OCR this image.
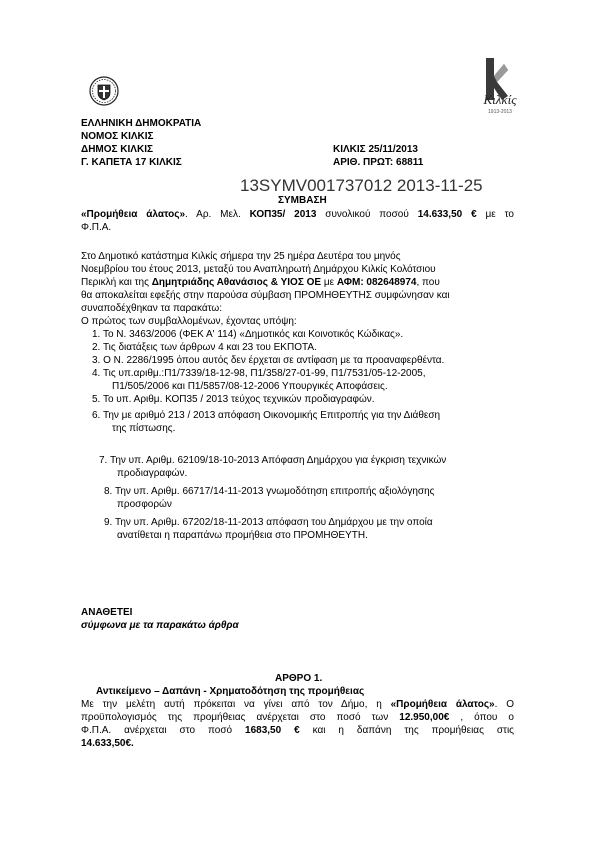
Κιλκίς
1913-2013
ΕΛΛΗΝΙΚΗ ΔΗΜΟΚΡΑΤΙΑ
ΝΟΜΟΣ ΚΙΛΚΙΣ
ΔΗΜΟΣ ΚΙΛΚΙΣ
Γ. ΚΑΠΕΤΑ 17 ΚΙΛΚΙΣ
ΚΙΛΚΙΣ 25/11/2013
ΑΡΙΘ. ΠΡΩΤ: 68811
13SYMV001737012 2013-11-25
ΣΥΜΒΑΣΗ
«Προμήθεια άλατος». Αρ. Μελ. ΚΟΠ35/ 2013 συνολικού ποσού 14.633,50 € με το
Φ.Π.Α.
Στο Δημοτικό κατάστημα Κιλκίς σήμερα την 25 ημέρα Δευτέρα του μηνός
Νοεμβρίου του έτους 2013, μεταξύ του Αναπληρωτή Δημάρχου Κιλκίς Κολότσιου
Περικλή και της Δημητριάδης Αθανάσιος & ΥΙΟΣ ΟΕ με ΑΦΜ: 082648974, που
θα αποκαλείται εφεξής στην παρούσα σύμβαση ΠΡΟΜΗΘΕΥΤΗΣ συμφώνησαν και
συναποδέχθηκαν τα παρακάτω:
Ο πρώτος των συμβαλλομένων, έχοντας υπόψη:
1. Το Ν. 3463/2006 (ΦΕΚ Α' 114) «Δημοτικός και Κοινοτικός Κώδικας».
2. Τις διατάξεις των άρθρων 4 και 23 του ΕΚΠΟΤΑ.
3. Ο Ν. 2286/1995 όπου αυτός δεν έρχεται σε αντίφαση με τα προαναφερθέντα.
4. Τις υπ.αριθμ.:Π1/7339/18-12-98, Π1/358/27-01-99, Π1/7531/05-12-2005,
Π1/505/2006 και Π1/5857/08-12-2006 Υπουργικές Αποφάσεις.
5. Το υπ. Αριθμ. ΚΟΠ35 / 2013 τεύχος τεχνικών προδιαγραφών.
6. Την με αριθμό 213 / 2013 απόφαση Οικονομικής Επιτροπής για την Διάθεση
της πίστωσης.
7. Την υπ. Αριθμ. 62109/18-10-2013 Απόφαση Δημάρχου για έγκριση τεχνικών
προδιαγραφών.
8. Την υπ. Αριθμ. 66717/14-11-2013 γνωμοδότηση επιτροπής αξιολόγησης
προσφορών
9. Την υπ. Αριθμ. 67202/18-11-2013 απόφαση του Δημάρχου με την οποία
ανατίθεται η παραπάνω προμήθεια στο ΠΡΟΜΗΘΕΥΤΗ.
ΑΝΑΘΕΤΕΙ
σύμφωνα με τα παρακάτω άρθρα
ΑΡΘΡΟ 1.
Αντικείμενο – Δαπάνη - Χρηματοδότηση της προμήθειας
Με την μελέτη αυτή πρόκειται να γίνει από τον Δήμο, η «Προμήθεια άλατος». Ο
προϋπολογισμός της προμήθειας ανέρχεται στο ποσό των 12.950,00€ , όπου ο
Φ.Π.Α. ανέρχεται στο ποσό 1683,50 € και η δαπάνη της προμήθειας στις
14.633,50€.
